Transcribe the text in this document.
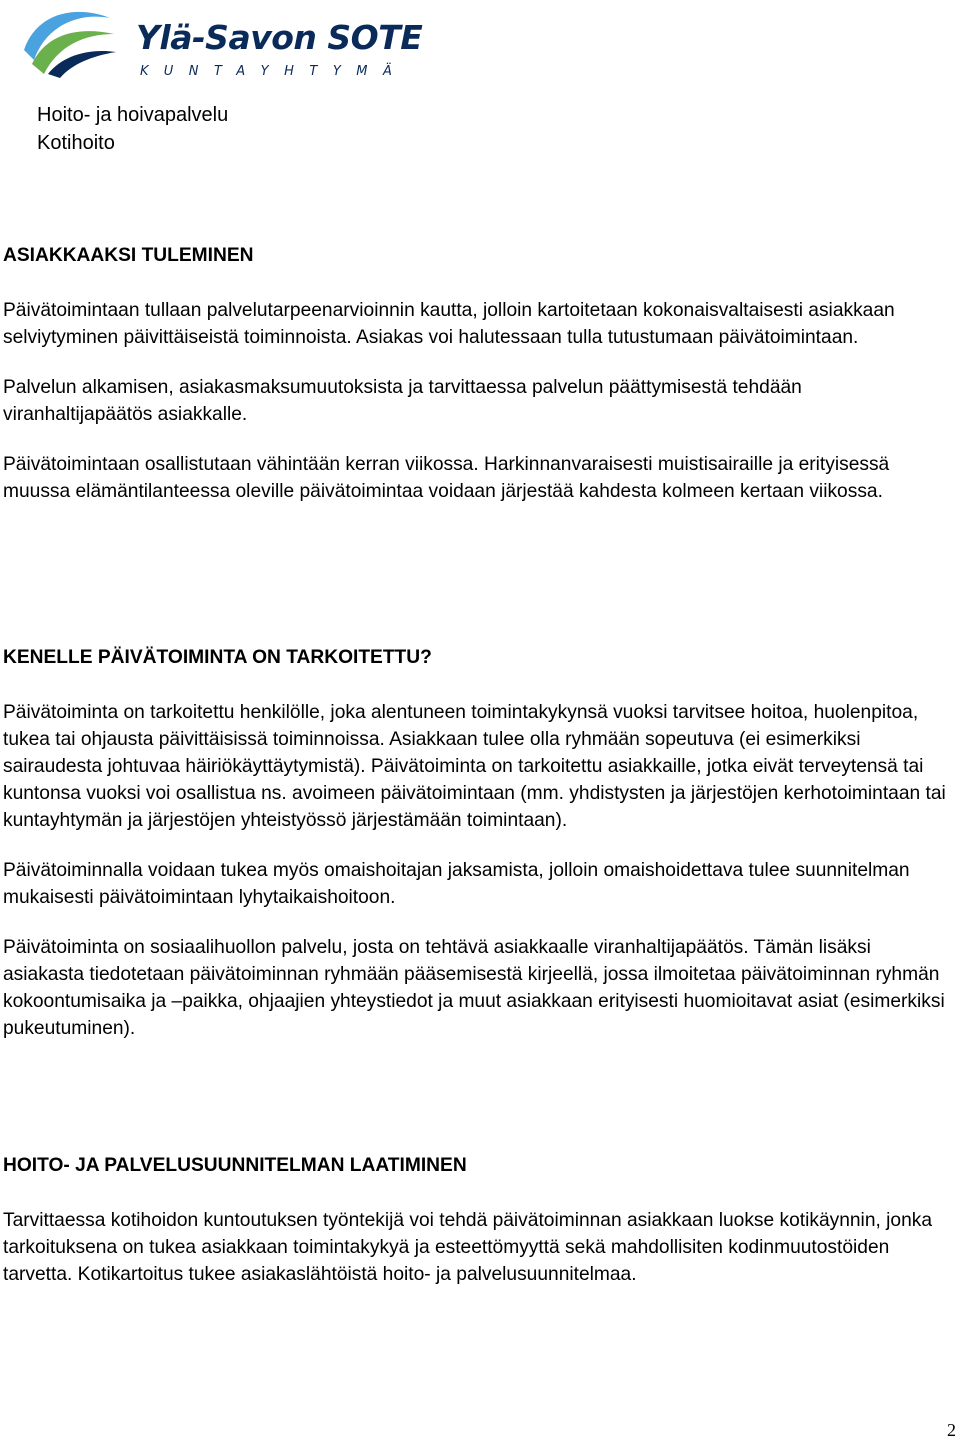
Ylä-Savon SOTE
KUNTAYHTYMÄ
Hoito- ja hoivapalvelu
Kotihoito

ASIAKKAAKSI TULEMINEN

Päivätoimintaan tullaan palvelutarpeenarvioinnin kautta, jolloin kartoitetaan kokonaisvaltaisesti asiakkaan selviytyminen päivittäiseistä toiminnoista. Asiakas voi halutessaan tulla tutustumaan päivätoimintaan.

Palvelun alkamisen, asiakasmaksumuutoksista ja tarvittaessa palvelun päättymisestä tehdään viranhaltijapäätös asiakkalle.

Päivätoimintaan osallistutaan vähintään kerran viikossa. Harkinnanvaraisesti muistisairaille ja erityisessä muussa elämäntilanteessa oleville päivätoimintaa voidaan järjestää kahdesta kolmeen kertaan viikossa.

KENELLE PÄIVÄTOIMINTA ON TARKOITETTU?

Päivätoiminta on tarkoitettu henkilölle, joka alentuneen toimintakykynsä vuoksi tarvitsee hoitoa, huolenpitoa, tukea tai ohjausta päivittäisissä toiminnoissa. Asiakkaan tulee olla ryhmään sopeutuva (ei esimerkiksi sairaudesta johtuvaa häiriökäyttäytymistä). Päivätoiminta on tarkoitettu asiakkaille, jotka eivät terveytensä tai kuntonsa vuoksi voi osallistua ns. avoimeen päivätoimintaan (mm. yhdistysten ja järjestöjen kerhotoimintaan tai kuntayhtymän ja järjestöjen yhteistyössö järjestämään toimintaan).

Päivätoiminnalla voidaan tukea myös omaishoitajan jaksamista, jolloin omaishoidettava tulee suunnitelman mukaisesti päivätoimintaan lyhytaikaishoitoon.

Päivätoiminta on sosiaalihuollon palvelu, josta on tehtävä asiakkaalle viranhaltijapäätös. Tämän lisäksi asiakasta tiedotetaan päivätoiminnan ryhmään pääsemisestä kirjeellä, jossa ilmoitetaa päivätoiminnan ryhmän kokoontumisaika ja –paikka, ohjaajien yhteystiedot ja muut asiakkaan erityisesti huomioitavat asiat (esimerkiksi pukeutuminen).

HOITO- JA PALVELUSUUNNITELMAN LAATIMINEN

Tarvittaessa kotihoidon kuntoutuksen työntekijä voi tehdä päivätoiminnan asiakkaan luokse kotikäynnin, jonka tarkoituksena on tukea asiakkaan toimintakykyä ja esteettömyyttä sekä mahdollisiten kodinmuutostöiden tarvetta. Kotikartoitus tukee asiakaslähtöistä hoito- ja palvelusuunnitelmaa.

2
